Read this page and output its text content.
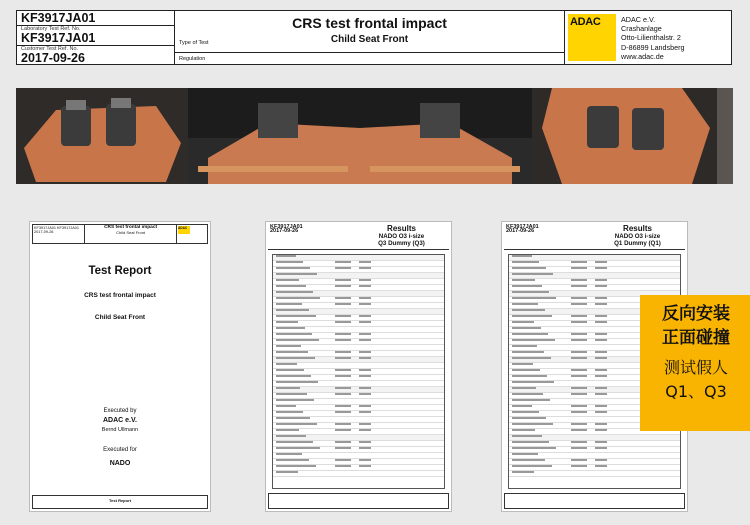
KF3917JA01
Laboratory Test Ref. No.
KF3917JA01
Customer Test Ref. No.
2017-09-26
CRS test frontal impact
Child Seat Front
Type of Test
Regulation
ADAC	ADAC e.V.
Crashanlage
Otto-Lilienthalstr. 2
D-86899 Landsberg
www.adac.de
KF3917JA01 KF3917JA01 2017-09-26
CRS test frontal impact
Child Seat Front
ADAC
Test Report
CRS test frontal impact
Child Seat Front
Executed by
ADAC e.V.
Bernd Ullmann
Executed for
NADO
Test Report
KF3917JA01
2017-09-26	Results
NADO O3 i-size
Q3 Dummy (Q3)
KF3917JA01
2017-09-26	Results
NADO O3 i-size
Q1 Dummy (Q1)
反向安装
正面碰撞
测试假人
Q1、Q3
